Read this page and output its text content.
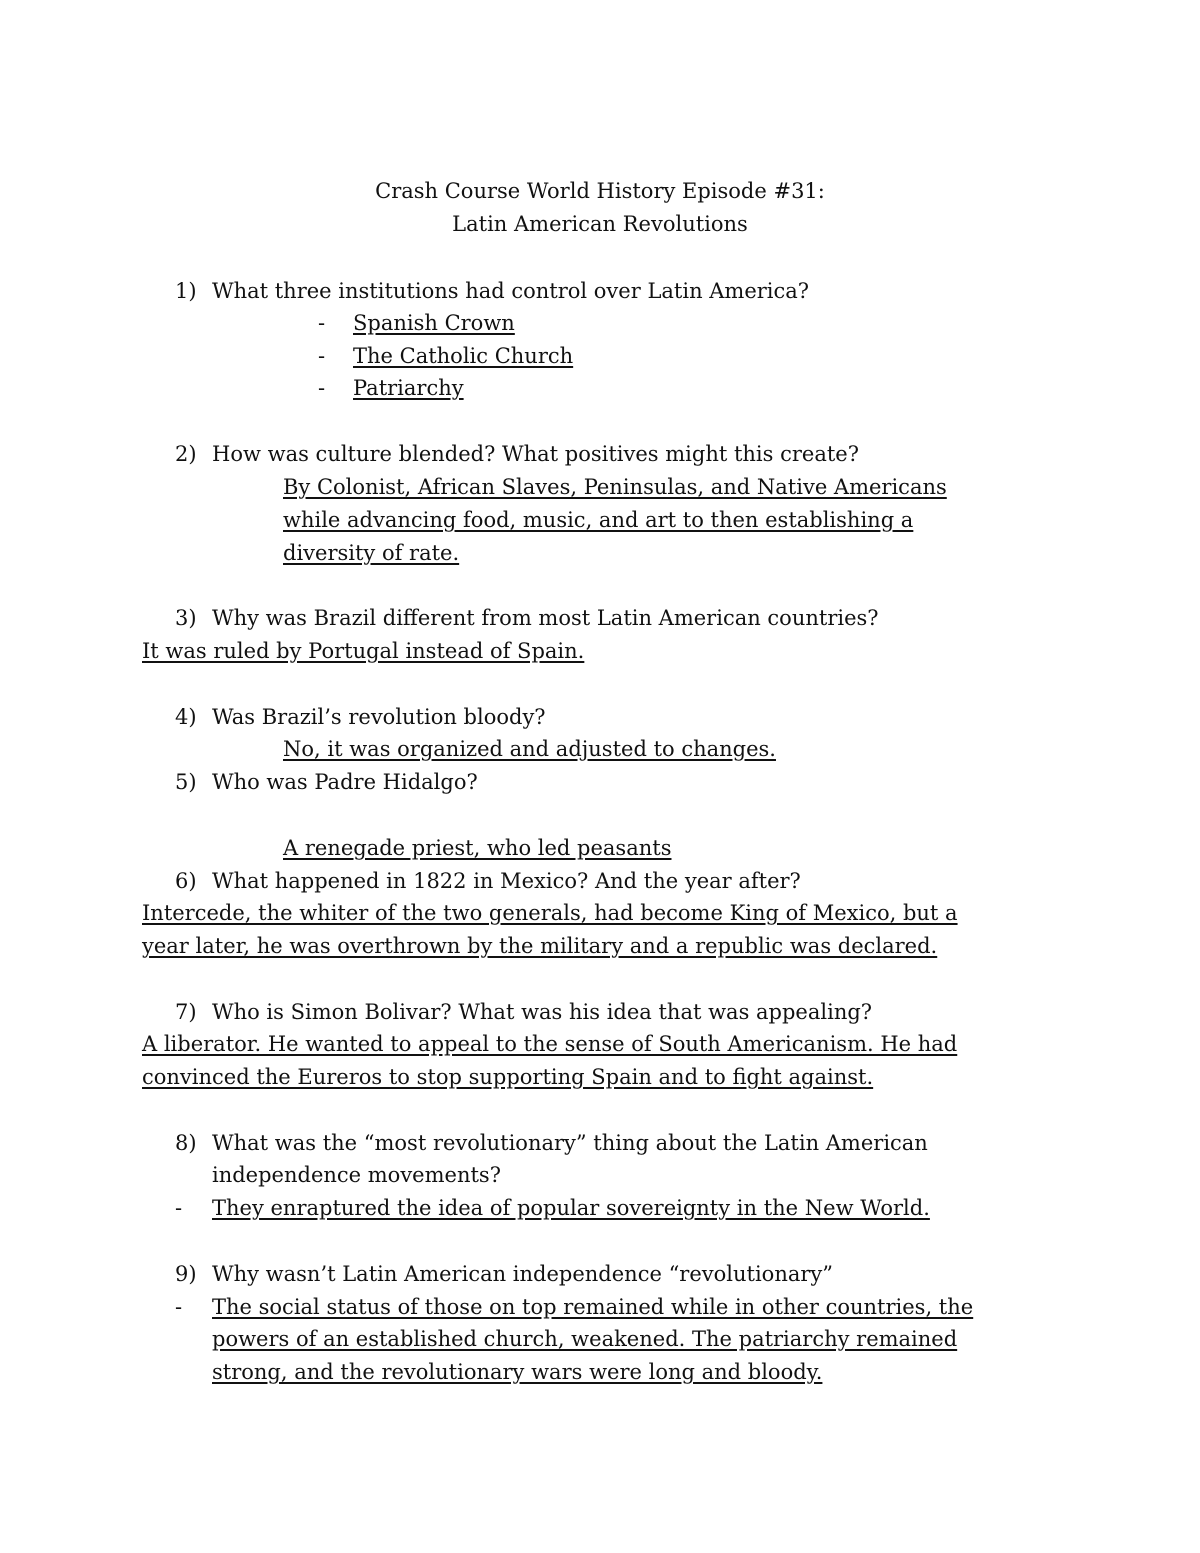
Crash Course World History Episode #31:
Latin American Revolutions
1) What three institutions had control over Latin America?
- Spanish Crown
- The Catholic Church
- Patriarchy
2) How was culture blended? What positives might this create?
By Colonist, African Slaves, Peninsulas, and Native Americans
while advancing food, music, and art to then establishing a
diversity of rate.
3) Why was Brazil different from most Latin American countries?
It was ruled by Portugal instead of Spain.
4) Was Brazil’s revolution bloody?
No, it was organized and adjusted to changes.
5) Who was Padre Hidalgo?
A renegade priest, who led peasants
6) What happened in 1822 in Mexico? And the year after?
Intercede, the whiter of the two generals, had become King of Mexico, but a
year later, he was overthrown by the military and a republic was declared.
7) Who is Simon Bolivar? What was his idea that was appealing?
A liberator. He wanted to appeal to the sense of South Americanism. He had
convinced the Eureros to stop supporting Spain and to fight against.
8) What was the “most revolutionary” thing about the Latin American
independence movements?
- They enraptured the idea of popular sovereignty in the New World.
9) Why wasn’t Latin American independence “revolutionary”
- The social status of those on top remained while in other countries, the
powers of an established church, weakened. The patriarchy remained
strong, and the revolutionary wars were long and bloody.
